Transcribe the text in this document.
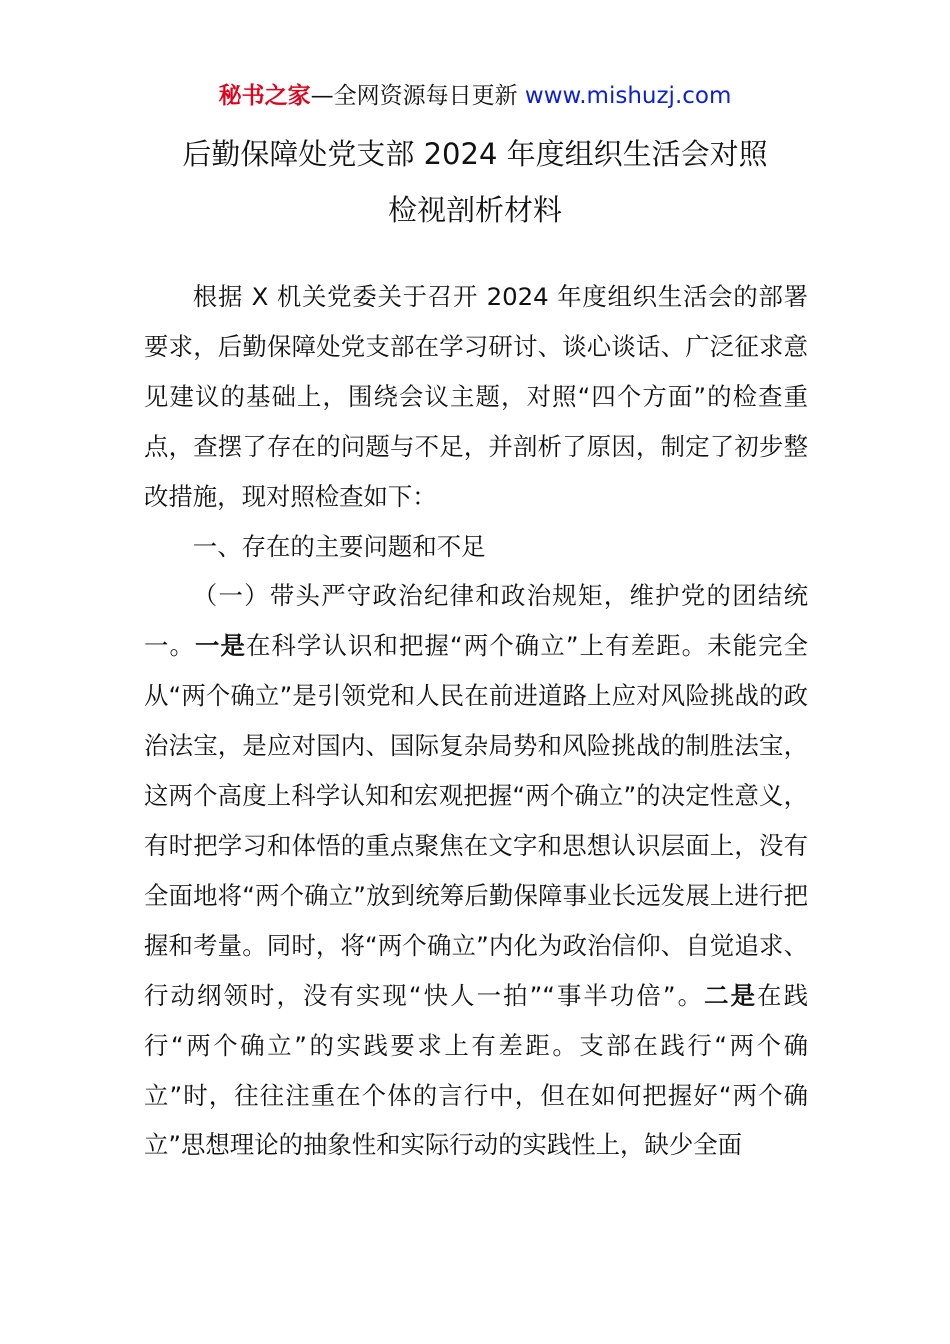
秘书之家—全网资源每日更新 www.mishuzj.com
后勤保障处党支部 2024 年度组织生活会对照
检视剖析材料

根据 X 机关党委关于召开 2024 年度组织生活会的部署要求，后勤保障处党支部在学习研讨、谈心谈话、广泛征求意见建议的基础上，围绕会议主题，对照“四个方面”的检查重点，查摆了存在的问题与不足，并剖析了原因，制定了初步整改措施，现对照检查如下：

一、存在的主要问题和不足

（一）带头严守政治纪律和政治规矩，维护党的团结统一。一是在科学认识和把握“两个确立”上有差距。未能完全从“两个确立”是引领党和人民在前进道路上应对风险挑战的政治法宝，是应对国内、国际复杂局势和风险挑战的制胜法宝，这两个高度上科学认知和宏观把握“两个确立”的决定性意义，有时把学习和体悟的重点聚焦在文字和思想认识层面上，没有全面地将“两个确立”放到统筹后勤保障事业长远发展上进行把握和考量。同时，将“两个确立”内化为政治信仰、自觉追求、行动纲领时，没有实现“快人一拍”“事半功倍”。二是在践行“两个确立”的实践要求上有差距。支部在践行“两个确立”时，往往注重在个体的言行中，但在如何把握好“两个确立”思想理论的抽象性和实际行动的实践性上，缺少全面
